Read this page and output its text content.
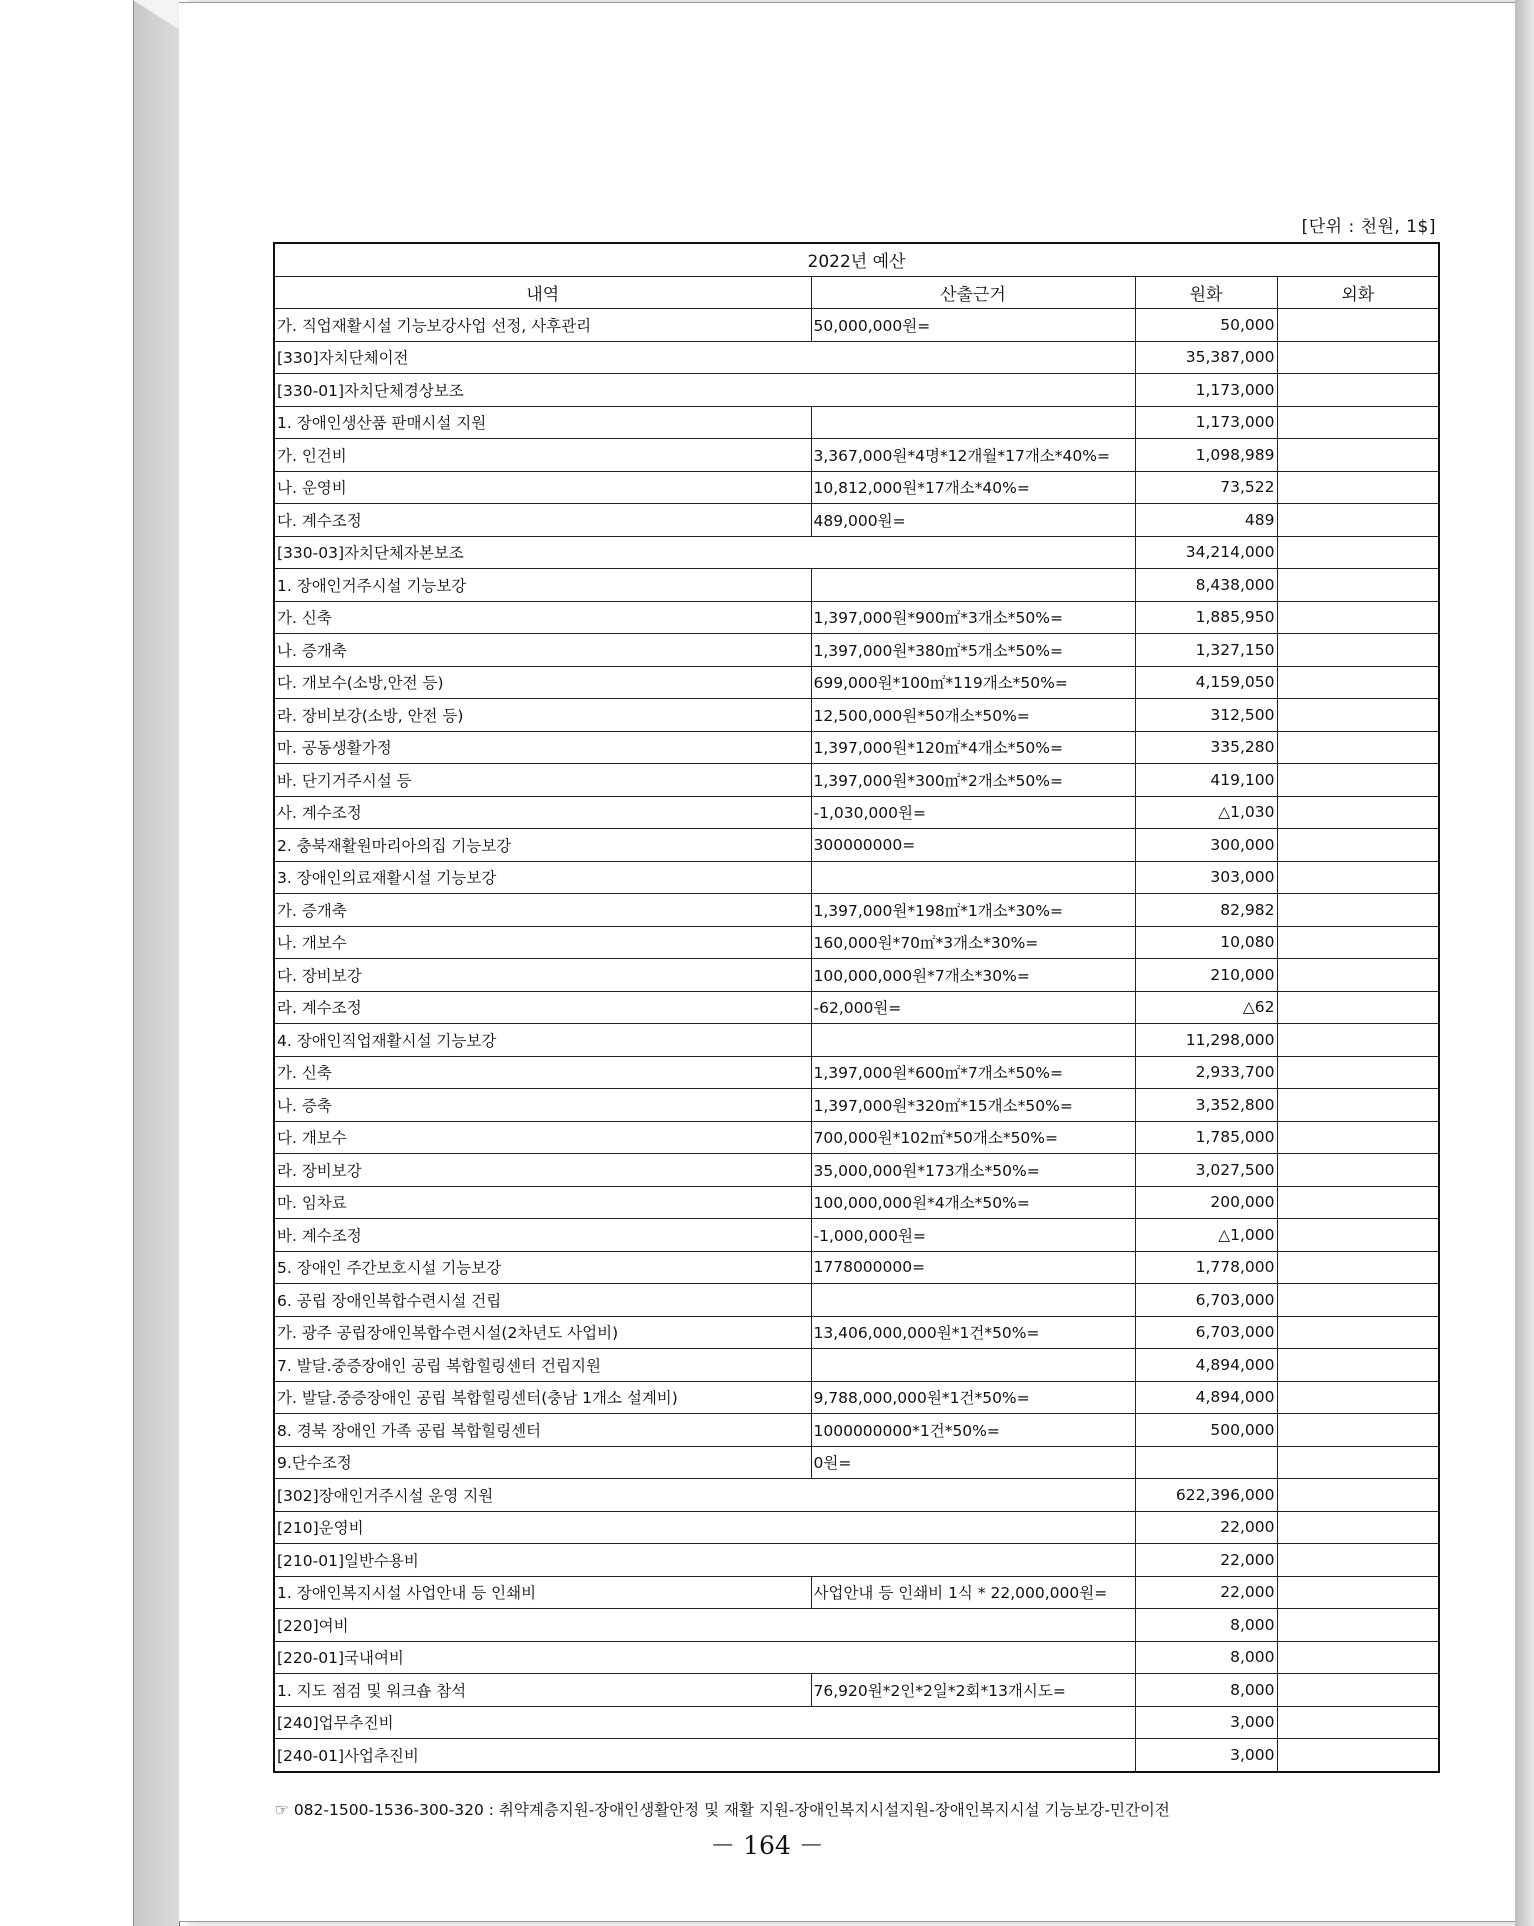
[단위 : 천원, 1$]
2022년 예산			
내역	산출근거	원화	외화
가. 직업재활시설 기능보강사업 선정, 사후관리	50,000,000원=	50,000	
[330]자치단체이전		35,387,000	
[330-01]자치단체경상보조		1,173,000	
1. 장애인생산품 판매시설 지원		1,173,000	
가. 인건비	3,367,000원*4명*12개월*17개소*40%=	1,098,989	
나. 운영비	10,812,000원*17개소*40%=	73,522	
다. 계수조정	489,000원=	489	
[330-03]자치단체자본보조		34,214,000	
1. 장애인거주시설 기능보강		8,438,000	
가. 신축	1,397,000원*900㎡*3개소*50%=	1,885,950	
나. 증개축	1,397,000원*380㎡*5개소*50%=	1,327,150	
다. 개보수(소방,안전 등)	699,000원*100㎡*119개소*50%=	4,159,050	
라. 장비보강(소방, 안전 등)	12,500,000원*50개소*50%=	312,500	
마. 공동생활가정	1,397,000원*120㎡*4개소*50%=	335,280	
바. 단기거주시설 등	1,397,000원*300㎡*2개소*50%=	419,100	
사. 계수조정	-1,030,000원=	△1,030	
2. 충북재활원마리아의집 기능보강	300000000=	300,000	
3. 장애인의료재활시설 기능보강		303,000	
가. 증개축	1,397,000원*198㎡*1개소*30%=	82,982	
나. 개보수	160,000원*70㎡*3개소*30%=	10,080	
다. 장비보강	100,000,000원*7개소*30%=	210,000	
라. 계수조정	-62,000원=	△62	
4. 장애인직업재활시설 기능보강		11,298,000	
가. 신축	1,397,000원*600㎡*7개소*50%=	2,933,700	
나. 증축	1,397,000원*320㎡*15개소*50%=	3,352,800	
다. 개보수	700,000원*102㎡*50개소*50%=	1,785,000	
라. 장비보강	35,000,000원*173개소*50%=	3,027,500	
마. 임차료	100,000,000원*4개소*50%=	200,000	
바. 계수조정	-1,000,000원=	△1,000	
5. 장애인 주간보호시설 기능보강	1778000000=	1,778,000	
6. 공립 장애인복합수련시설 건립		6,703,000	
가. 광주 공립장애인복합수련시설(2차년도 사업비)	13,406,000,000원*1건*50%=	6,703,000	
7. 발달.중증장애인 공립 복합힐링센터 건립지원		4,894,000	
가. 발달.중증장애인 공립 복합힐링센터(충남 1개소 설계비)	9,788,000,000원*1건*50%=	4,894,000	
8. 경북 장애인 가족 공립 복합힐링센터	1000000000*1건*50%=	500,000	
9.단수조정	0원=		
[302]장애인거주시설 운영 지원		622,396,000	
[210]운영비		22,000	
[210-01]일반수용비		22,000	
1. 장애인복지시설 사업안내 등 인쇄비	사업안내 등 인쇄비 1식 * 22,000,000원=	22,000	
[220]여비		8,000	
[220-01]국내여비		8,000	
1. 지도 점검 및 워크숍 참석	76,920원*2인*2일*2회*13개시도=	8,000	
[240]업무추진비		3,000	
[240-01]사업추진비		3,000	
☞ 082-1500-1536-300-320 : 취약계층지원-장애인생활안정 및 재활 지원-장애인복지시설지원-장애인복지시설 기능보강-민간이전
－ 164 －
